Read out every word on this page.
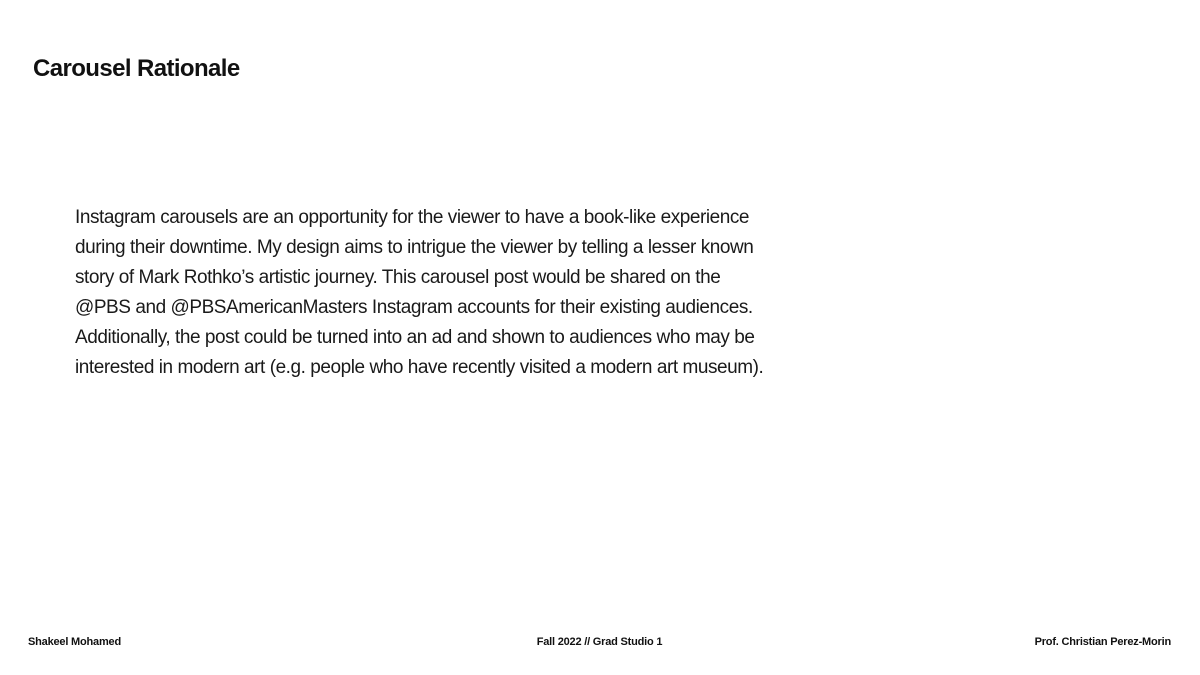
Carousel Rationale

Instagram carousels are an opportunity for the viewer to have a book-like experience during their downtime. My design aims to intrigue the viewer by telling a lesser known story of Mark Rothko’s artistic journey. This carousel post would be shared on the @PBS and @PBSAmericanMasters Instagram accounts for their existing audiences. Additionally, the post could be turned into an ad and shown to audiences who may be interested in modern art (e.g. people who have recently visited a modern art museum).

Shakeel Mohamed	Fall 2022 // Grad Studio 1	Prof. Christian Perez-Morin
